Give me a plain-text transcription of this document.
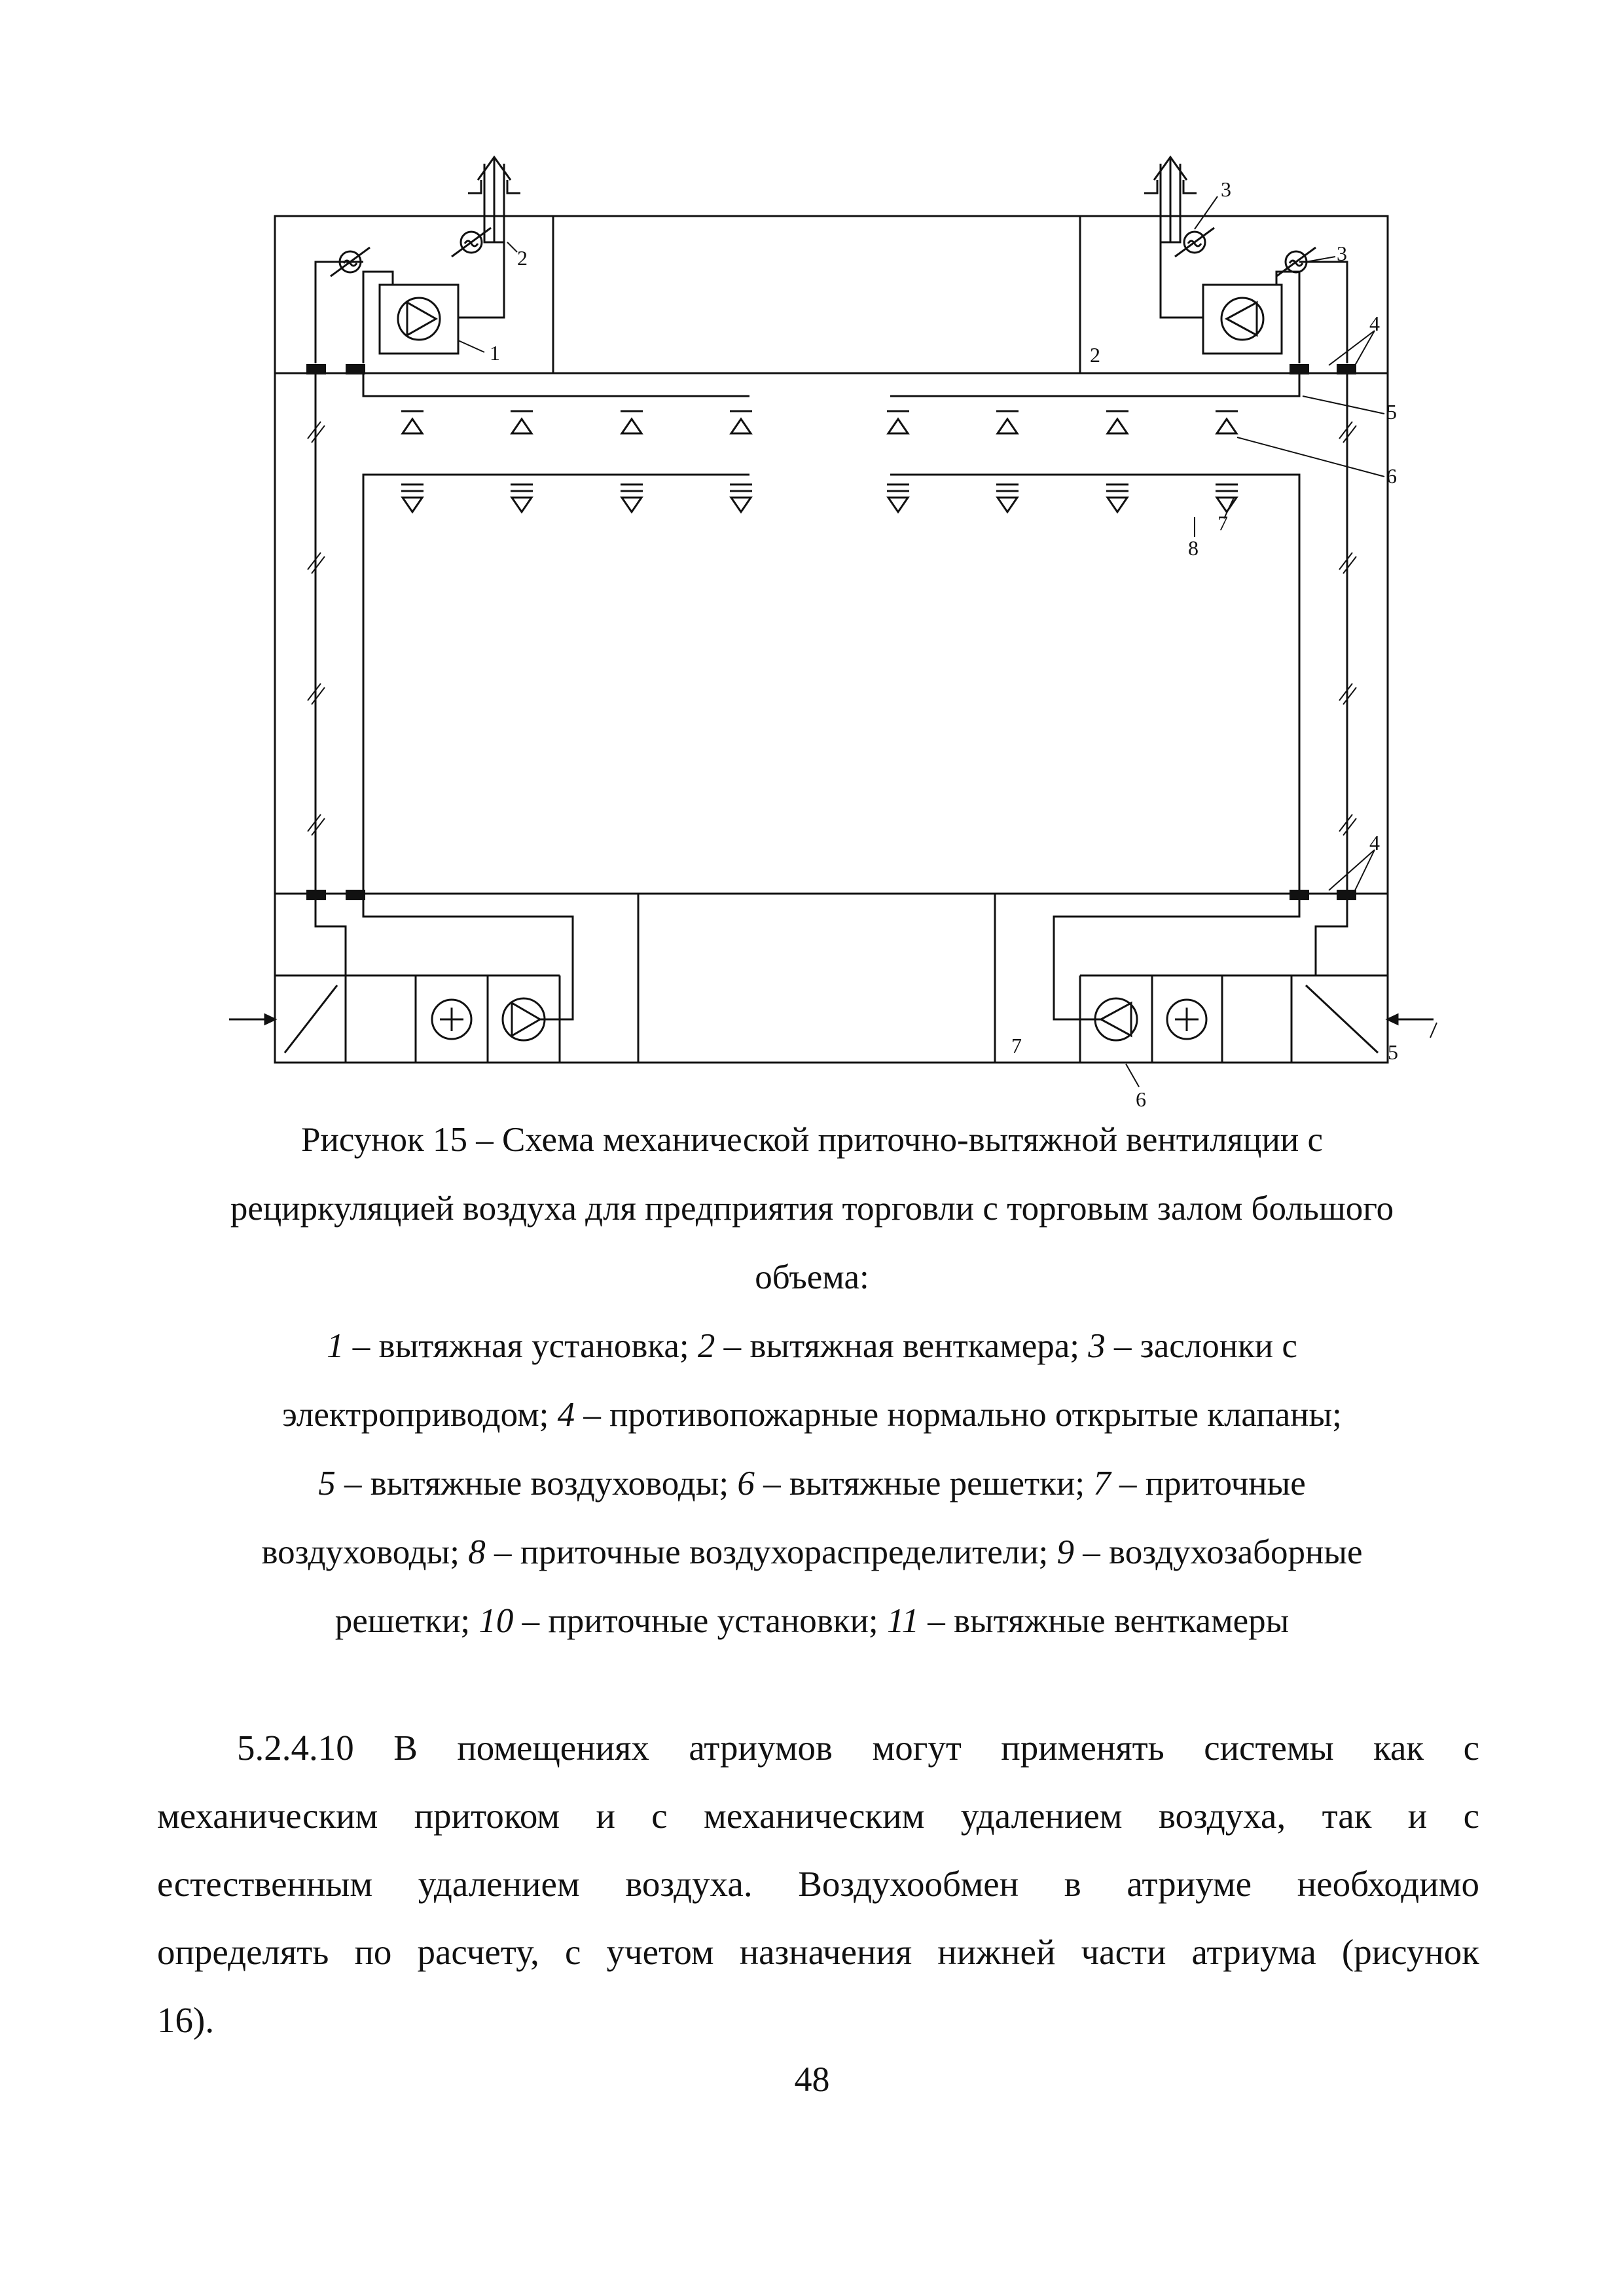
1
2
2
3
3
4
4
5
5
6
6
7
7
8
Рисунок 15 – Схема механической приточно-вытяжной вентиляции с
рециркуляцией воздуха для предприятия торговли с торговым залом большого
объема:
1 – вытяжная установка; 2 – вытяжная венткамера; 3 – заслонки с
электроприводом; 4 – противопожарные нормально открытые клапаны;
5 – вытяжные воздуховоды; 6 – вытяжные решетки; 7 – приточные
воздуховоды; 8 – приточные воздухораспределители; 9 – воздухозаборные
решетки; 10 – приточные установки; 11 – вытяжные венткамеры
5.2.4.10 В помещениях атриумов могут применять системы как с
механическим притоком и с механическим удалением воздуха, так и с
естественным удалением воздуха. Воздухообмен в атриуме необходимо
определять по расчету, с учетом назначения нижней части атриума (рисунок
16).
48
